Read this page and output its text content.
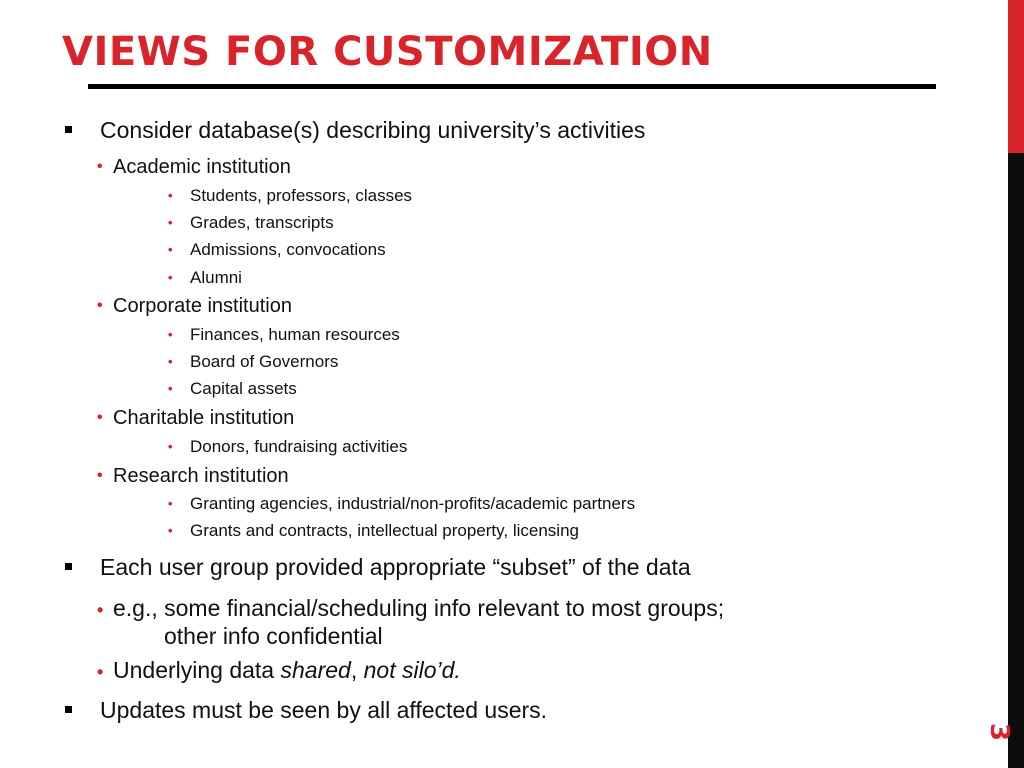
VIEWS FOR CUSTOMIZATION
Consider database(s) describing university’s activities
• Academic institution
• Students, professors, classes
• Grades, transcripts
• Admissions, convocations
• Alumni
• Corporate institution
• Finances, human resources
• Board of Governors
• Capital assets
• Charitable institution
• Donors, fundraising activities
• Research institution
• Granting agencies, industrial/non-profits/academic partners
• Grants and contracts, intellectual property, licensing
Each user group provided appropriate “subset” of the data
• e.g., some financial/scheduling info relevant to most groups;
other info confidential
• Underlying data shared, not silo’d.
Updates must be seen by all affected users.
3
